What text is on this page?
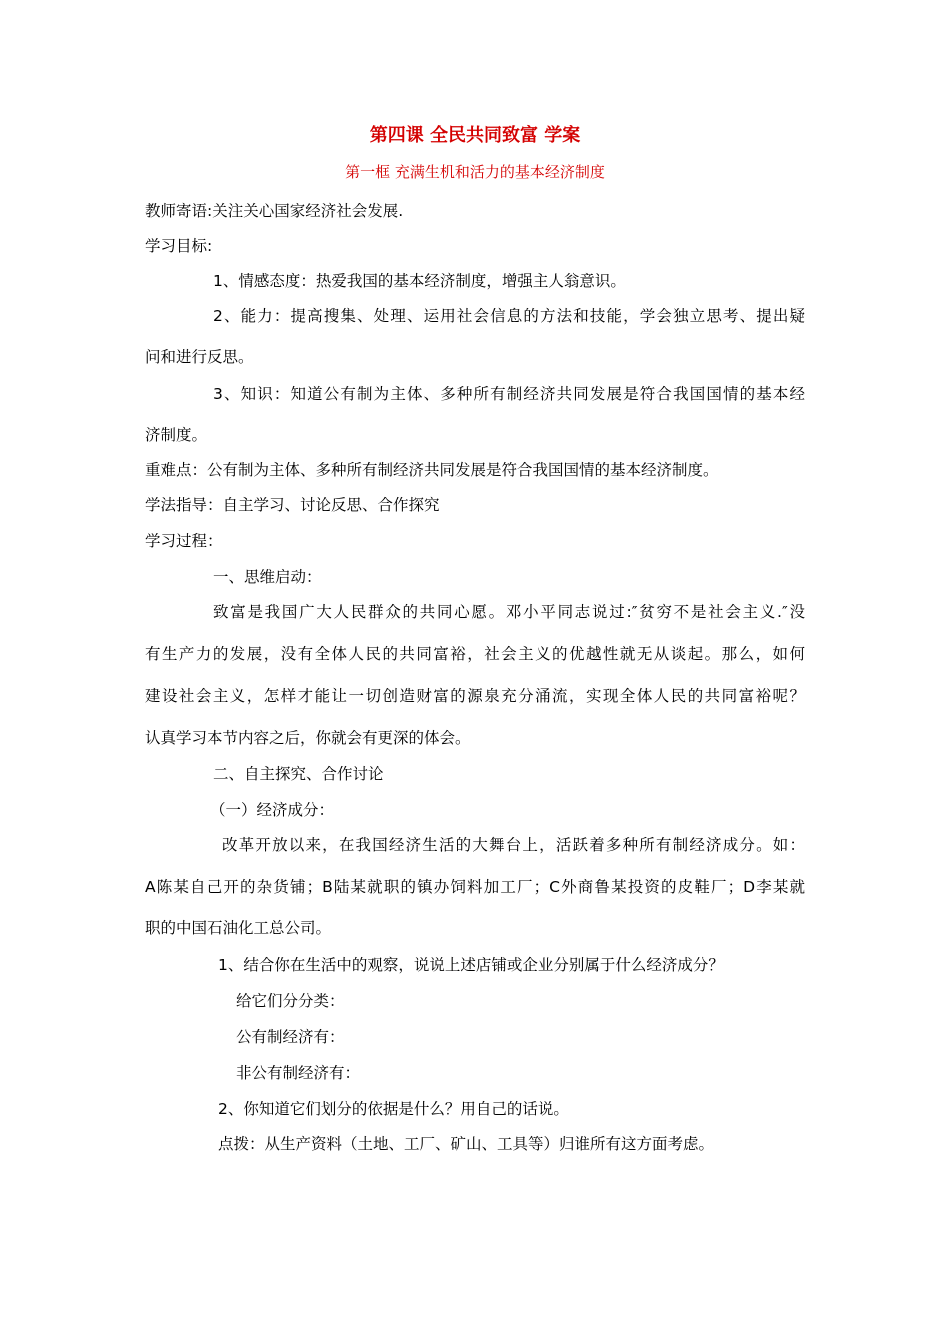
第四课 全民共同致富 学案
第一框 充满生机和活力的基本经济制度
教师寄语:关注关心国家经济社会发展.
学习目标:
1、情感态度：热爱我国的基本经济制度，增强主人翁意识。
2、能力：提高搜集、处理、运用社会信息的方法和技能，学会独立思考、提出疑
问和进行反思。
3、知识：知道公有制为主体、多种所有制经济共同发展是符合我国国情的基本经
济制度。
重难点：公有制为主体、多种所有制经济共同发展是符合我国国情的基本经济制度。
学法指导：自主学习、讨论反思、合作探究
学习过程：
一、思维启动：
致富是我国广大人民群众的共同心愿。邓小平同志说过:″贫穷不是社会主义.″没
有生产力的发展，没有全体人民的共同富裕，社会主义的优越性就无从谈起。那么，如何
建设社会主义，怎样才能让一切创造财富的源泉充分涌流，实现全体人民的共同富裕呢？
认真学习本节内容之后，你就会有更深的体会。
二、自主探究、合作讨论
（一）经济成分：
改革开放以来，在我国经济生活的大舞台上，活跃着多种所有制经济成分。如：
A陈某自己开的杂货铺；B陆某就职的镇办饲料加工厂；C外商鲁某投资的皮鞋厂；D李某就
职的中国石油化工总公司。
1、结合你在生活中的观察，说说上述店铺或企业分别属于什么经济成分？
给它们分分类：
公有制经济有：
非公有制经济有：
2、你知道它们划分的依据是什么？用自己的话说。
点拨：从生产资料（土地、工厂、矿山、工具等）归谁所有这方面考虑。
